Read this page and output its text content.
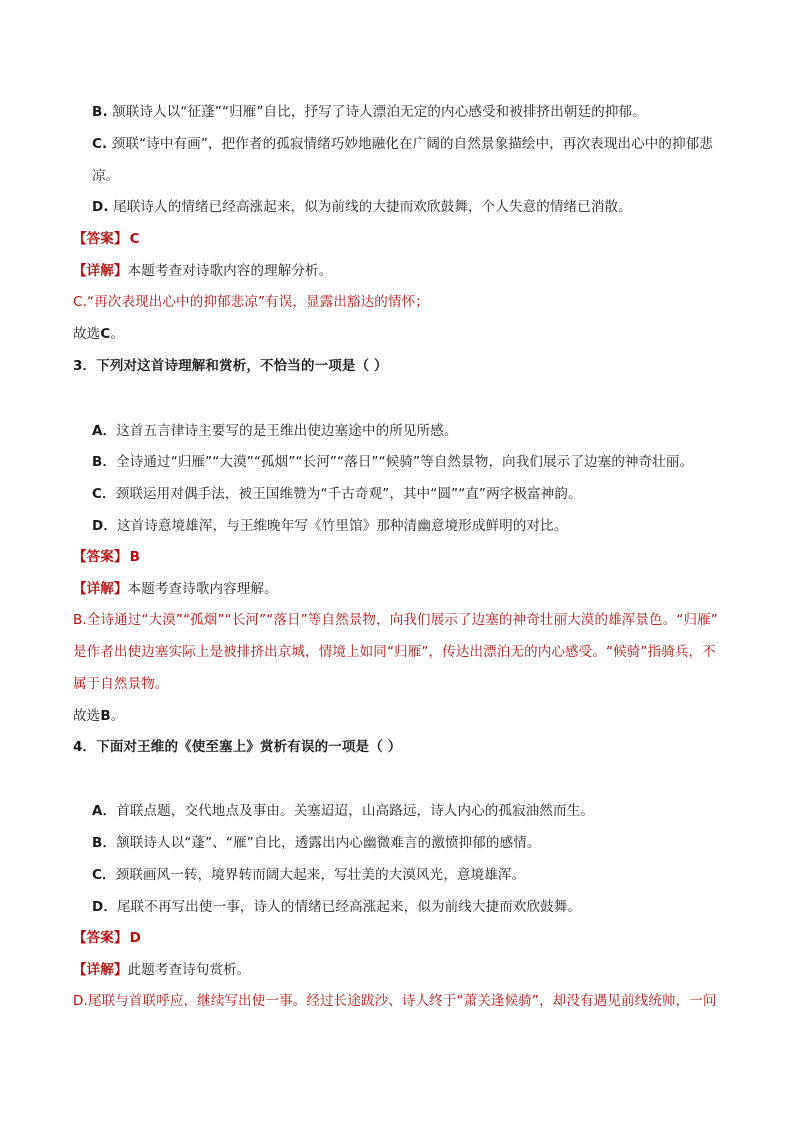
B. 颔联诗人以“征蓬”“归雁”自比，抒写了诗人漂泊无定的内心感受和被排挤出朝廷的抑郁。
C. 颈联“诗中有画”，把作者的孤寂情绪巧妙地融化在广阔的自然景象描绘中，再次表现出心中的抑郁悲
凉。
D. 尾联诗人的情绪已经高涨起来，似为前线的大捷而欢欣鼓舞，个人失意的情绪已消散。
【答案】 C
【详解】本题考查对诗歌内容的理解分析。
C.“再次表现出心中的抑郁悲凉”有误，显露出豁达的情怀；
故选C。
3．下列对这首诗理解和赏析，不恰当的一项是（ ）
A．这首五言律诗主要写的是王维出使边塞途中的所见所感。
B．全诗通过“归雁”“大漠”“孤烟”“长河”“落日”“候骑”等自然景物，向我们展示了边塞的神奇壮丽。
C．颈联运用对偶手法，被王国维赞为“千古奇观”，其中“圆”“直”两字极富神韵。
D．这首诗意境雄浑，与王维晚年写《竹里馆》那种清幽意境形成鲜明的对比。
【答案】 B
【详解】本题考查诗歌内容理解。
B.全诗通过“大漠”“孤烟”“长河”“落日”等自然景物，向我们展示了边塞的神奇壮丽大漠的雄浑景色。“归雁”
是作者出使边塞实际上是被排挤出京城，情境上如同“归雁”，传达出漂泊无的内心感受。“候骑”指骑兵，不
属于自然景物。
故选B。
4．下面对王维的《使至塞上》赏析有误的一项是（ ）
A．首联点题，交代地点及事由。关塞迢迢，山高路远，诗人内心的孤寂油然而生。
B．颔联诗人以“蓬”、“雁”自比，透露出内心幽微难言的激愤抑郁的感情。
C．颈联画风一转，境界转而阔大起来，写壮美的大漠风光，意境雄浑。
D．尾联不再写出使一事，诗人的情绪已经高涨起来，似为前线大捷而欢欣鼓舞。
【答案】 D
【详解】此题考查诗句赏析。
D.尾联与首联呼应，继续写出使一事。经过长途跋沙、诗人终于“萧关逢候骑”，却没有遇见前线统帅，一问
